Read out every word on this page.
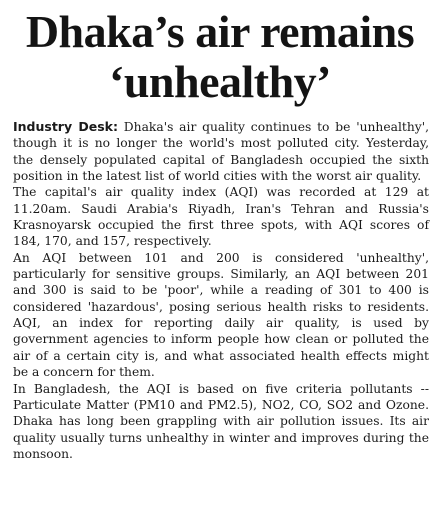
Dhaka’s air remains
‘unhealthy’

Industry Desk: Dhaka's air quality continues to be 'unhealthy', though it is no longer the world's most polluted city. Yesterday, the densely populated capital of Bangladesh occupied the sixth position in the latest list of world cities with the worst air quality.

The capital's air quality index (AQI) was recorded at 129 at 11.20am. Saudi Arabia's Riyadh, Iran's Tehran and Russia's Krasnoyarsk occupied the first three spots, with AQI scores of 184, 170, and 157, respectively.

An AQI between 101 and 200 is considered 'unhealthy', particularly for sensitive groups. Similarly, an AQI between 201 and 300 is said to be 'poor', while a reading of 301 to 400 is considered 'hazardous', posing serious health risks to residents. AQI, an index for reporting daily air quality, is used by government agencies to inform people how clean or polluted the air of a certain city is, and what associated health effects might be a concern for them.

In Bangladesh, the AQI is based on five criteria pollutants -- Particulate Matter (PM10 and PM2.5), NO2, CO, SO2 and Ozone. Dhaka has long been grappling with air pollution issues. Its air quality usually turns unhealthy in winter and improves during the monsoon.
